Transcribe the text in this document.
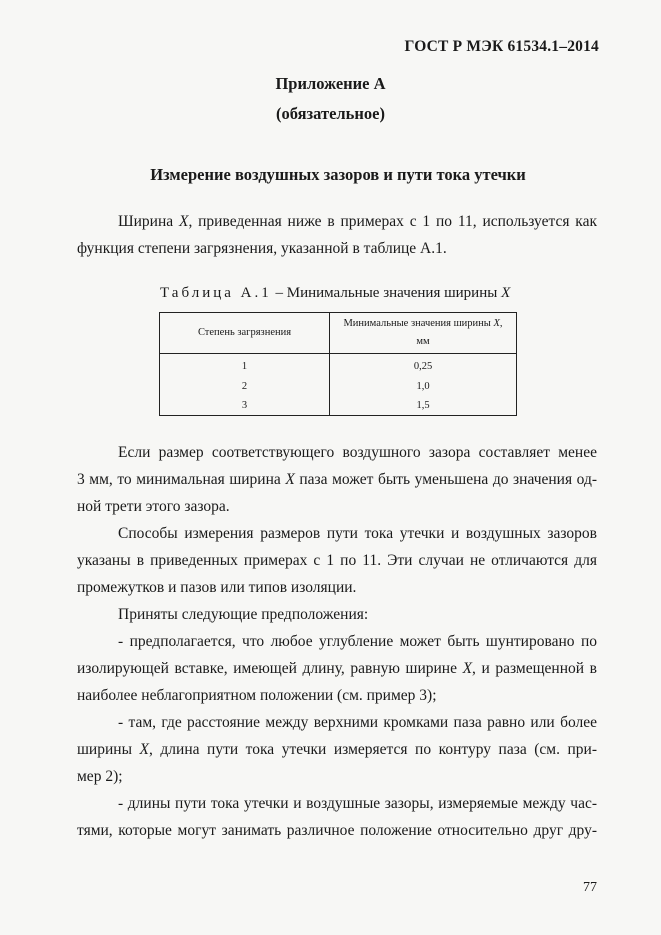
ГОСТ Р МЭК 61534.1–2014
Приложение А
(обязательное)
Измерение воздушных зазоров и пути тока утечки
Ширина X, приведенная ниже в примерах с 1 по 11, используется как
функция степени загрязнения, указанной в таблице А.1.
Таблица А.1 – Минимальные значения ширины X
Степень загрязнения	Минимальные значения ширины X,
мм
1	0,25
2	1,0
3	1,5
Если размер соответствующего воздушного зазора составляет менее
3 мм, то минимальная ширина X паза может быть уменьшена до значения од-
ной трети этого зазора.
Способы измерения размеров пути тока утечки и воздушных зазоров
указаны в приведенных примерах с 1 по 11. Эти случаи не отличаются для
промежутков и пазов или типов изоляции.
Приняты следующие предположения:
- предполагается, что любое углубление может быть шунтировано по
изолирующей вставке, имеющей длину, равную ширине X, и размещенной в
наиболее неблагоприятном положении (см. пример 3);
- там, где расстояние между верхними кромками паза равно или более
ширины X, длина пути тока утечки измеряется по контуру паза (см. при-
мер 2);
- длины пути тока утечки и воздушные зазоры, измеряемые между час-
тями, которые могут занимать различное положение относительно друг дру-
77
